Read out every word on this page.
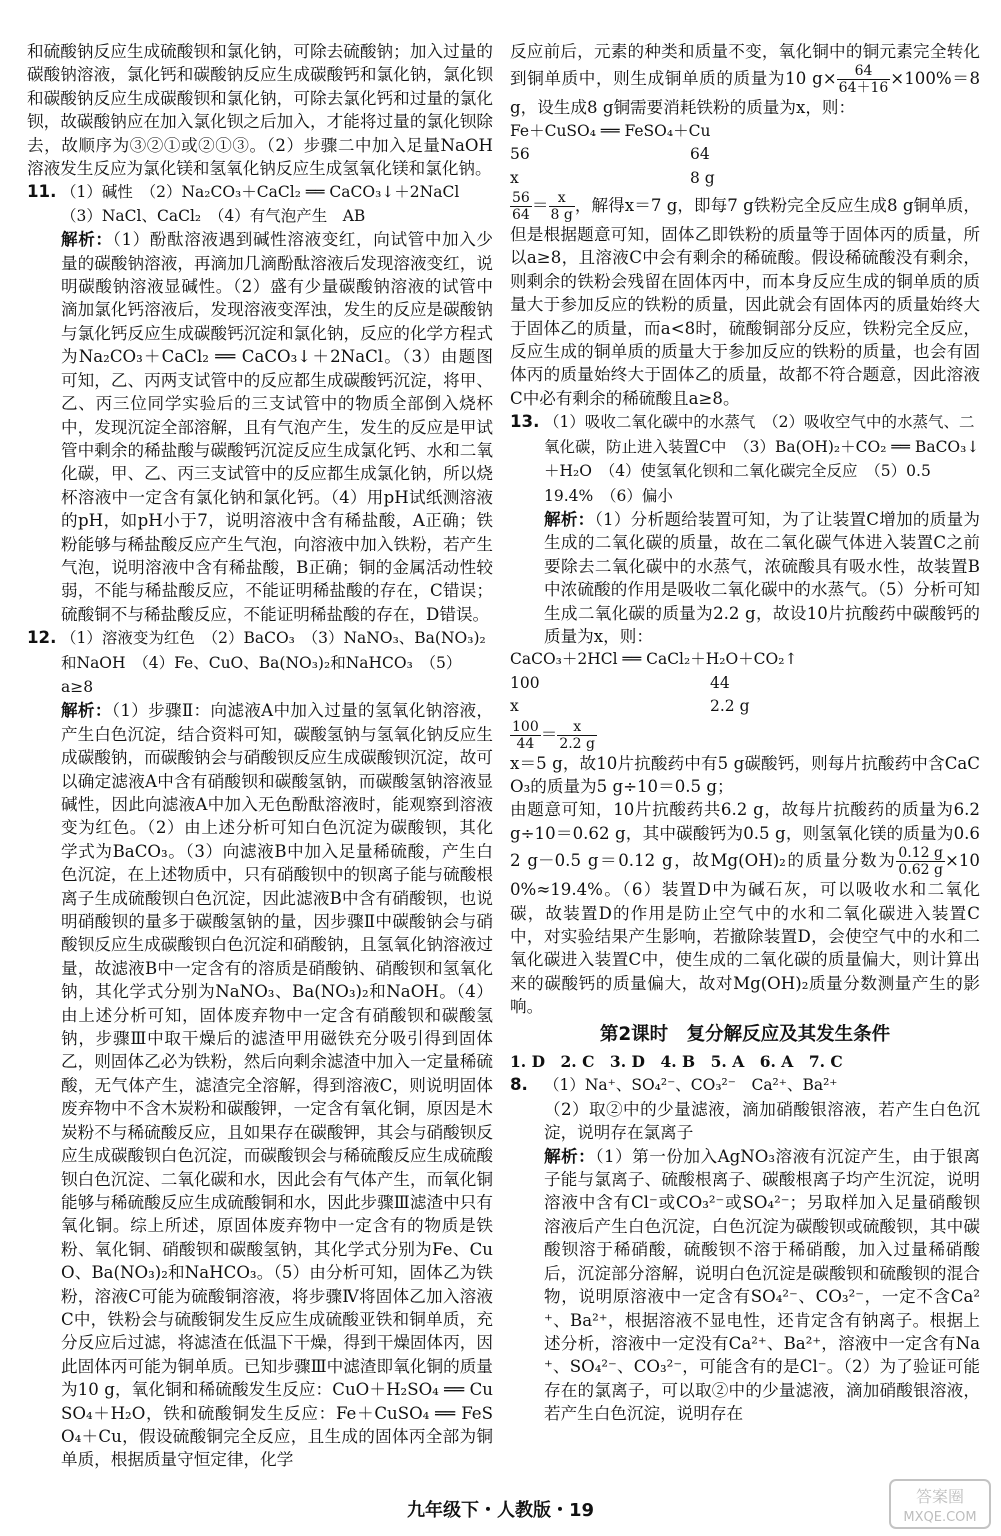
和硫酸钠反应生成硫酸钡和氯化钠，可除去硫酸钠；加入过量的碳酸钠溶液，氯化钙和碳酸钠反应生成碳酸钙和氯化钠，氯化钡和碳酸钠反应生成碳酸钡和氯化钠，可除去氯化钙和过量的氯化钡，故碳酸钠应在加入氯化钡之后加入，才能将过量的氯化钡除去，故顺序为③②①或②①③。（2）步骤二中加入足量NaOH溶液发生反应为氯化镁和氢氧化钠反应生成氢氧化镁和氯化钠。

11. （1）碱性　（2）Na₂CO₃＋CaCl₂ ══ CaCO₃↓＋2NaCl

（3）NaCl、CaCl₂　（4）有气泡产生　AB

解析：（1）酚酞溶液遇到碱性溶液变红，向试管中加入少量的碳酸钠溶液，再滴加几滴酚酞溶液后发现溶液变红，说明碳酸钠溶液显碱性。（2）盛有少量碳酸钠溶液的试管中滴加氯化钙溶液后，发现溶液变浑浊，发生的反应是碳酸钠与氯化钙反应生成碳酸钙沉淀和氯化钠，反应的化学方程式为Na₂CO₃＋CaCl₂ ══ CaCO₃↓＋2NaCl。（3）由题图可知，乙、丙两支试管中的反应都生成碳酸钙沉淀，将甲、乙、丙三位同学实验后的三支试管中的物质全部倒入烧杯中，发现沉淀全部溶解，且有气泡产生，发生的反应是甲试管中剩余的稀盐酸与碳酸钙沉淀反应生成氯化钙、水和二氧化碳，甲、乙、丙三支试管中的反应都生成氯化钠，所以烧杯溶液中一定含有氯化钠和氯化钙。（4）用pH试纸测溶液的pH，如pH小于7，说明溶液中含有稀盐酸，A正确；铁粉能够与稀盐酸反应产生气泡，向溶液中加入铁粉，若产生气泡，说明溶液中含有稀盐酸，B正确；铜的金属活动性较弱，不能与稀盐酸反应，不能证明稀盐酸的存在，C错误；硫酸铜不与稀盐酸反应，不能证明稀盐酸的存在，D错误。

12. （1）溶液变为红色　（2）BaCO₃　（3）NaNO₃、Ba(NO₃)₂和NaOH　（4）Fe、CuO、Ba(NO₃)₂和NaHCO₃　（5）a≥8

解析：（1）步骤Ⅱ：向滤液A中加入过量的氢氧化钠溶液，产生白色沉淀，结合资料可知，碳酸氢钠与氢氧化钠反应生成碳酸钠，而碳酸钠会与硝酸钡反应生成碳酸钡沉淀，故可以确定滤液A中含有硝酸钡和碳酸氢钠，而碳酸氢钠溶液显碱性，因此向滤液A中加入无色酚酞溶液时，能观察到溶液变为红色。（2）由上述分析可知白色沉淀为碳酸钡，其化学式为BaCO₃。（3）向滤液B中加入足量稀硫酸，产生白色沉淀，在上述物质中，只有硝酸钡中的钡离子能与硫酸根离子生成硫酸钡白色沉淀，因此滤液B中含有硝酸钡，也说明硝酸钡的量多于碳酸氢钠的量，因步骤Ⅱ中碳酸钠会与硝酸钡反应生成碳酸钡白色沉淀和硝酸钠，且氢氧化钠溶液过量，故滤液B中一定含有的溶质是硝酸钠、硝酸钡和氢氧化钠，其化学式分别为NaNO₃、Ba(NO₃)₂和NaOH。（4）由上述分析可知，固体废弃物中一定含有硝酸钡和碳酸氢钠，步骤Ⅲ中取干燥后的滤渣甲用磁铁充分吸引得到固体乙，则固体乙必为铁粉，然后向剩余滤渣中加入一定量稀硫酸，无气体产生，滤渣完全溶解，得到溶液C，则说明固体废弃物中不含木炭粉和碳酸钾，一定含有氧化铜，原因是木炭粉不与稀硫酸反应，且如果存在碳酸钾，其会与硝酸钡反应生成碳酸钡白色沉淀，而碳酸钡会与稀硫酸反应生成硫酸钡白色沉淀、二氧化碳和水，因此会有气体产生，而氧化铜能够与稀硫酸反应生成硫酸铜和水，因此步骤Ⅲ滤渣中只有氧化铜。综上所述，原固体废弃物中一定含有的物质是铁粉、氧化铜、硝酸钡和碳酸氢钠，其化学式分别为Fe、CuO、Ba(NO₃)₂和NaHCO₃。（5）由分析可知，固体乙为铁粉，溶液C可能为硫酸铜溶液，将步骤Ⅳ将固体乙加入溶液C中，铁粉会与硫酸铜发生反应生成硫酸亚铁和铜单质，充分反应后过滤，将滤渣在低温下干燥，得到干燥固体丙，因此固体丙可能为铜单质。已知步骤Ⅲ中滤渣即氧化铜的质量为10 g，氧化铜和稀硫酸发生反应：CuO＋H₂SO₄ ══ CuSO₄＋H₂O，铁和硫酸铜发生反应：Fe＋CuSO₄ ══ FeSO₄＋Cu，假设硫酸铜完全反应，且生成的固体丙全部为铜单质，根据质量守恒定律，化学

反应前后，元素的种类和质量不变，氧化铜中的铜元素完全转化到铜单质中，则生成铜单质的质量为10 $g\times \frac{64}{64+16} \times 100\%=8$ g，设生成8 g铜需要消耗铁粉的质量为x，则：

Fe＋CuSO₄ ══ FeSO₄＋Cu
56	64
x	8 g

$\frac{56}{64} = \frac{x}{8 g}$ ，解得x＝7 g，即每7 g铁粉完全反应生成8 g铜单质，但是根据题意可知，固体乙即铁粉的质量等于固体丙的质量，所以a≥8，且溶液C中会有剩余的稀硫酸。假设稀硫酸没有剩余，则剩余的铁粉会残留在固体丙中，而本身反应生成的铜单质的质量大于参加反应的铁粉的质量，因此就会有固体丙的质量始终大于固体乙的质量，而a<8时，硫酸铜部分反应，铁粉完全反应，反应生成的铜单质的质量大于参加反应的铁粉的质量，也会有固体丙的质量始终大于固体乙的质量，故都不符合题意，因此溶液C中必有剩余的稀硫酸且a≥8。

13. （1）吸收二氧化碳中的水蒸气　（2）吸收空气中的水蒸气、二氧化碳，防止进入装置C中　（3）Ba(OH)₂＋CO₂ ══ BaCO₃↓＋H₂O　（4）使氢氧化钡和二氧化碳完全反应　（5）0.5　19.4%　（6）偏小

解析：（1）分析题给装置可知，为了让装置C增加的质量为生成的二氧化碳的质量，故在二氧化碳气体进入装置C之前要除去二氧化碳中的水蒸气，浓硫酸具有吸水性，故装置B中浓硫酸的作用是吸收二氧化碳中的水蒸气。（5）分析可知生成二氧化碳的质量为2.2 g，故设10片抗酸药中碳酸钙的质量为x，则：

CaCO₃＋2HCl ══ CaCl₂＋H₂O＋CO₂↑
100	44
x	2.2 g

$\frac{100}{44} = \frac{x}{2.2 g}$

x＝5 g，故10片抗酸药中有5 g碳酸钙，则每片抗酸药中含CaCO₃的质量为5 g÷10＝0.5 g；

由题意可知，10片抗酸药共6.2 g，故每片抗酸药的质量为6.2 g÷10＝0.62 g，其中碳酸钙为0.5 g，则氢氧化镁的质量为0.62 g－0.5 g＝0.12 g，故Mg(OH)₂的质量分数为 $\frac{0.12 g}{0.62 g} \times 100\%\approx 19.4\%$。（6）装置D中为碱石灰，可以吸收水和二氧化碳，故装置D的作用是防止空气中的水和二氧化碳进入装置C中，对实验结果产生影响，若撤除装置D，会使空气中的水和二氧化碳进入装置C中，使生成的二氧化碳的质量偏大，则计算出来的碳酸钙的质量偏大，故对Mg(OH)₂质量分数测量产生的影响。

第2课时　复分解反应及其发生条件

1. D　2. C　3. D　4. B　5. A　6. A　7. C

8. （1）Na⁺、SO₄²⁻、CO₃²⁻　Ca²⁺、Ba²⁺

（2）取②中的少量滤液，滴加硝酸银溶液，若产生白色沉淀，说明存在氯离子

解析：（1）第一份加入AgNO₃溶液有沉淀产生，由于银离子能与氯离子、硫酸根离子、碳酸根离子均产生沉淀，说明溶液中含有Cl⁻或CO₃²⁻或SO₄²⁻；另取样加入足量硝酸钡溶液后产生白色沉淀，白色沉淀为碳酸钡或硫酸钡，其中碳酸钡溶于稀硝酸，硫酸钡不溶于稀硝酸，加入过量稀硝酸后，沉淀部分溶解，说明白色沉淀是碳酸钡和硫酸钡的混合物，说明原溶液中一定含有SO₄²⁻、CO₃²⁻，一定不含Ca²⁺、Ba²⁺，根据溶液不显电性，还肯定含有钠离子。根据上述分析，溶液中一定没有Ca²⁺、Ba²⁺，溶液中一定含有Na⁺、SO₄²⁻、CO₃²⁻，可能含有的是Cl⁻。（2）为了验证可能存在的氯离子，可以取②中的少量滤液，滴加硝酸银溶液，若产生白色沉淀，说明存在

九年级下・人教版・19
答案圈
MXQE.COM
